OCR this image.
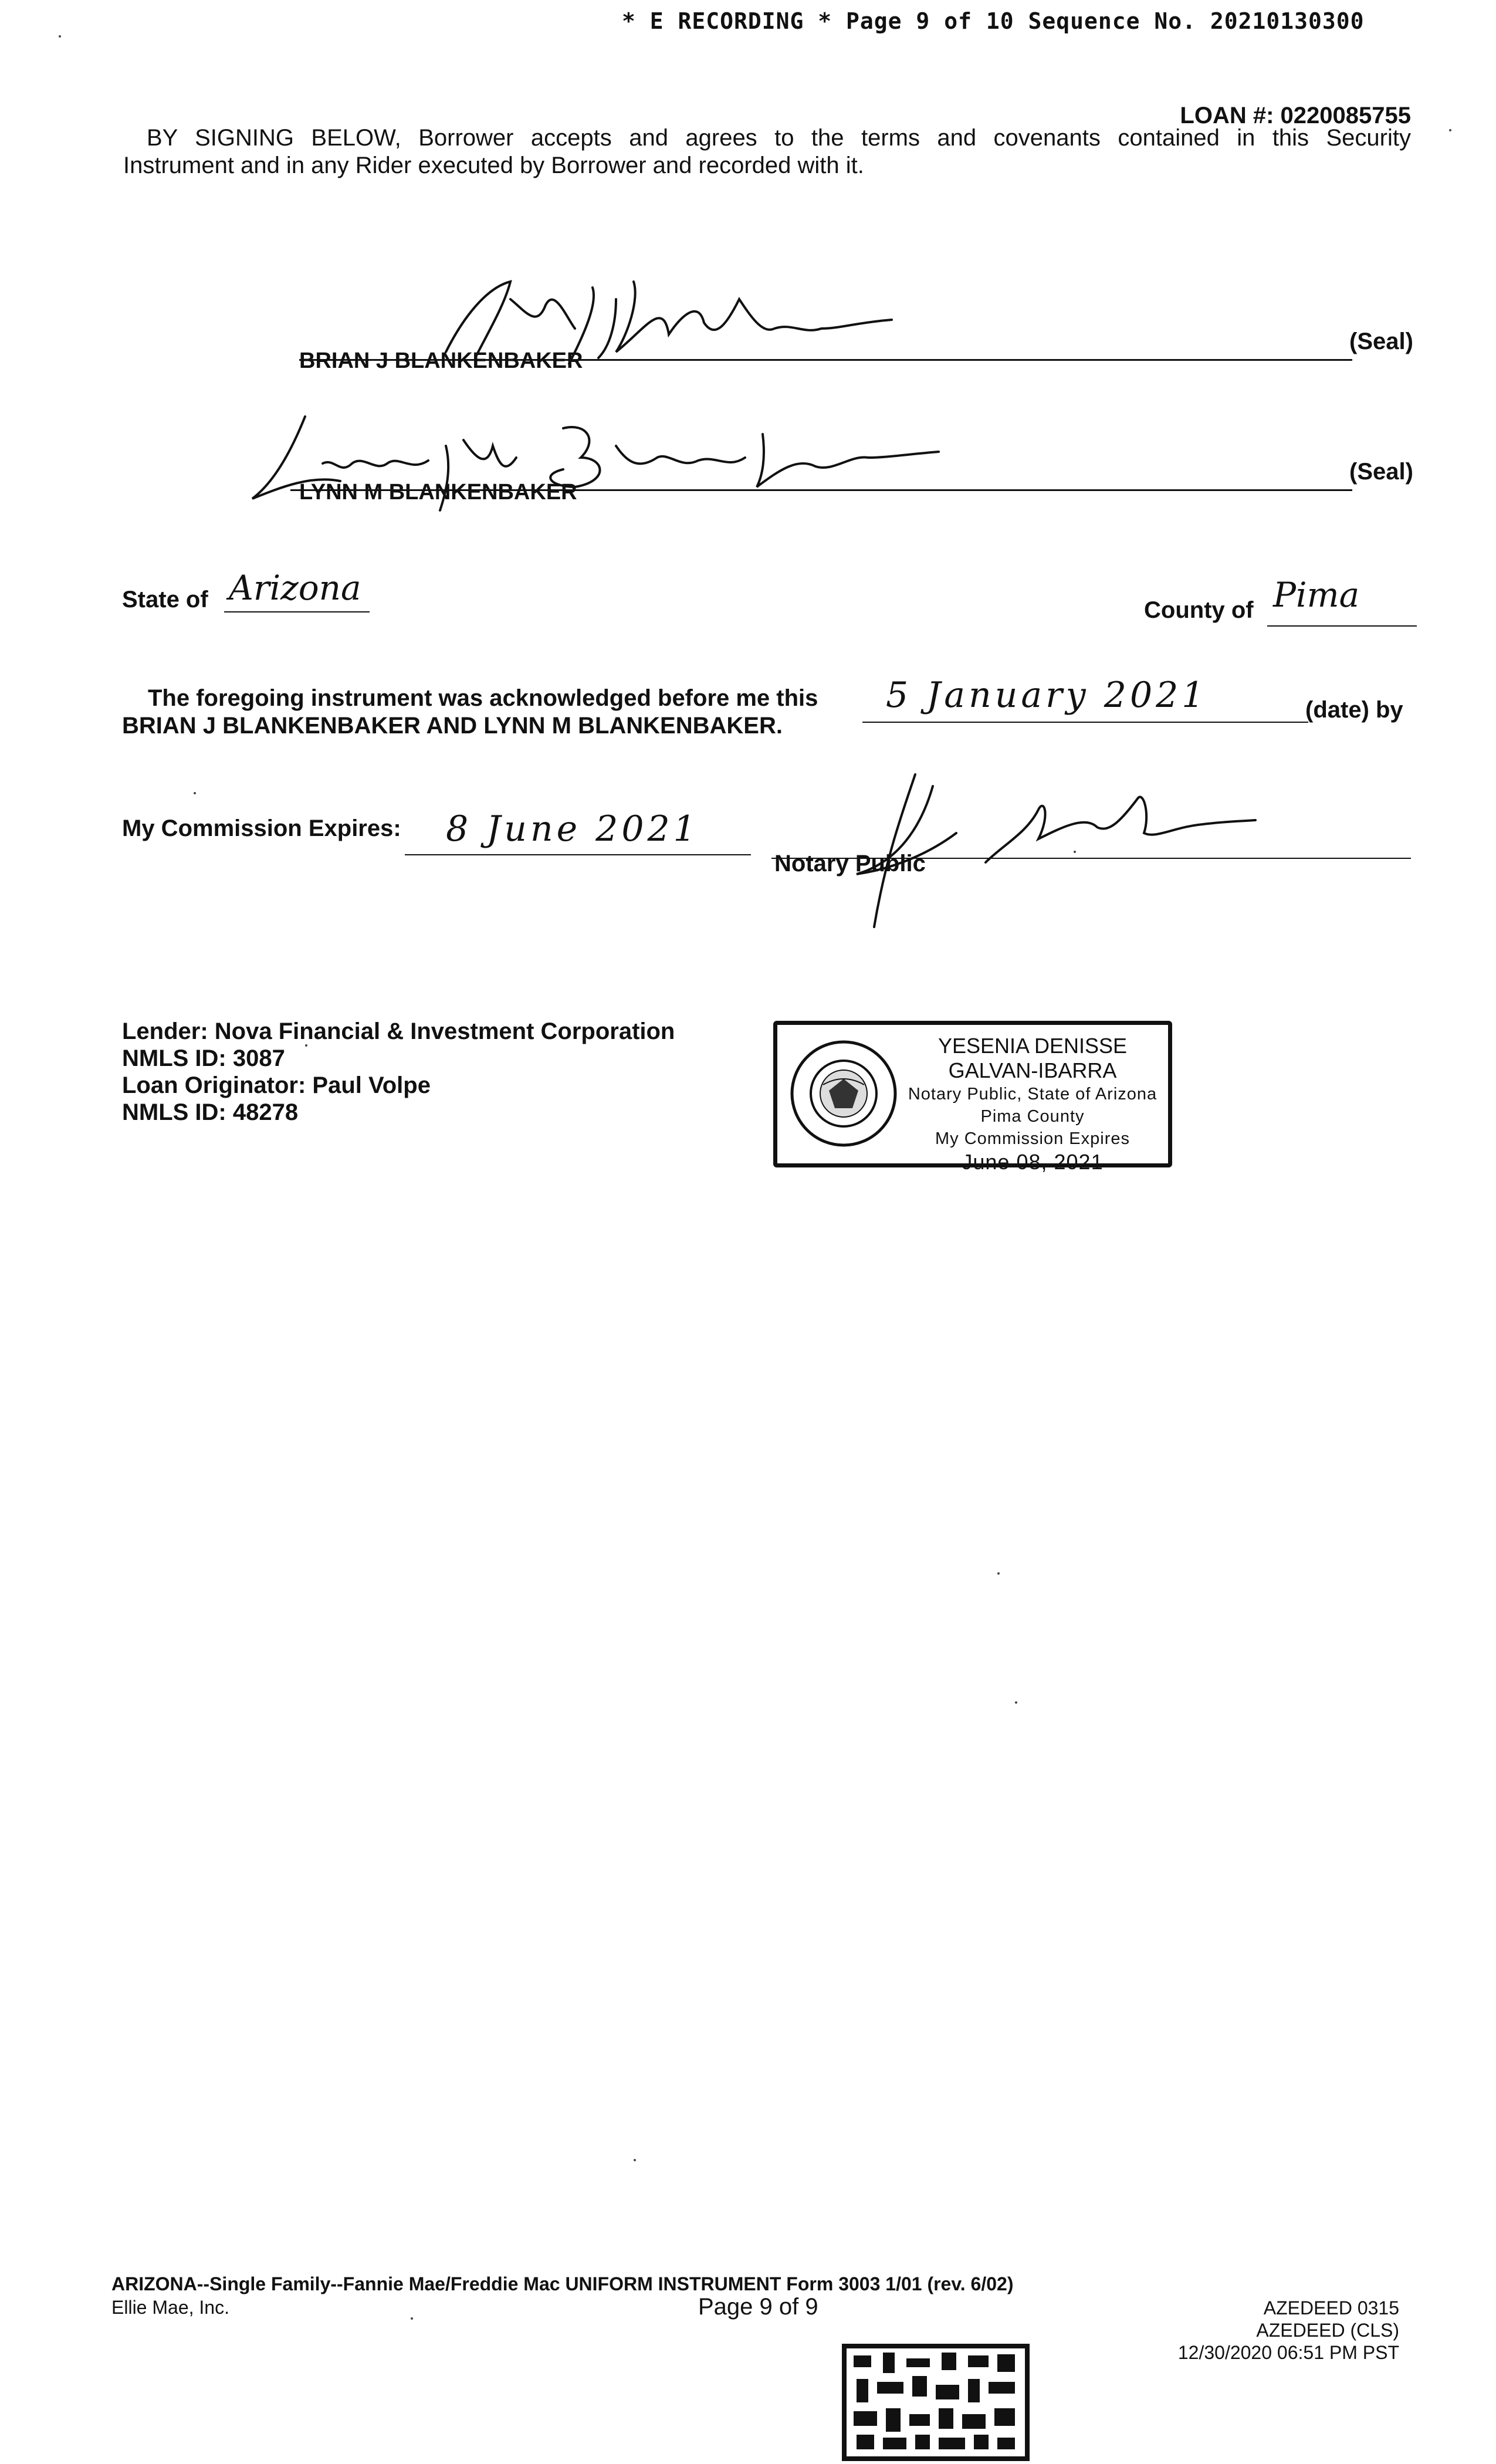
* E RECORDING * Page 9 of 10 Sequence No. 20210130300
LOAN #: 0220085755

BY SIGNING BELOW, Borrower accepts and agrees to the terms and covenants contained in this Security

Instrument and in any Rider executed by Borrower and recorded with it.

BRIAN J BLANKENBAKER
(Seal)
LYNN M BLANKENBAKER
(Seal)
State of Arizona
County of Pima
The foregoing instrument was acknowledged before me this 5 January 2021	(date) by
BRIAN J BLANKENBAKER AND LYNN M BLANKENBAKER.
My Commission Expires: 8 June 2021
Notary Public
Lender: Nova Financial & Investment Corporation
NMLS ID: 3087
Loan Originator: Paul Volpe
NMLS ID: 48278
YESENIA DENISSE GALVAN-IBARRA
Notary Public, State of Arizona
Pima County
My Commission Expires
June 08, 2021
ARIZONA--Single Family--Fannie Mae/Freddie Mac UNIFORM INSTRUMENT Form 3003 1/01 (rev. 6/02)
Ellie Mae, Inc.	Page 9 of 9	AZEDEED 0315
AZEDEED (CLS)
12/30/2020 06:51 PM PST
